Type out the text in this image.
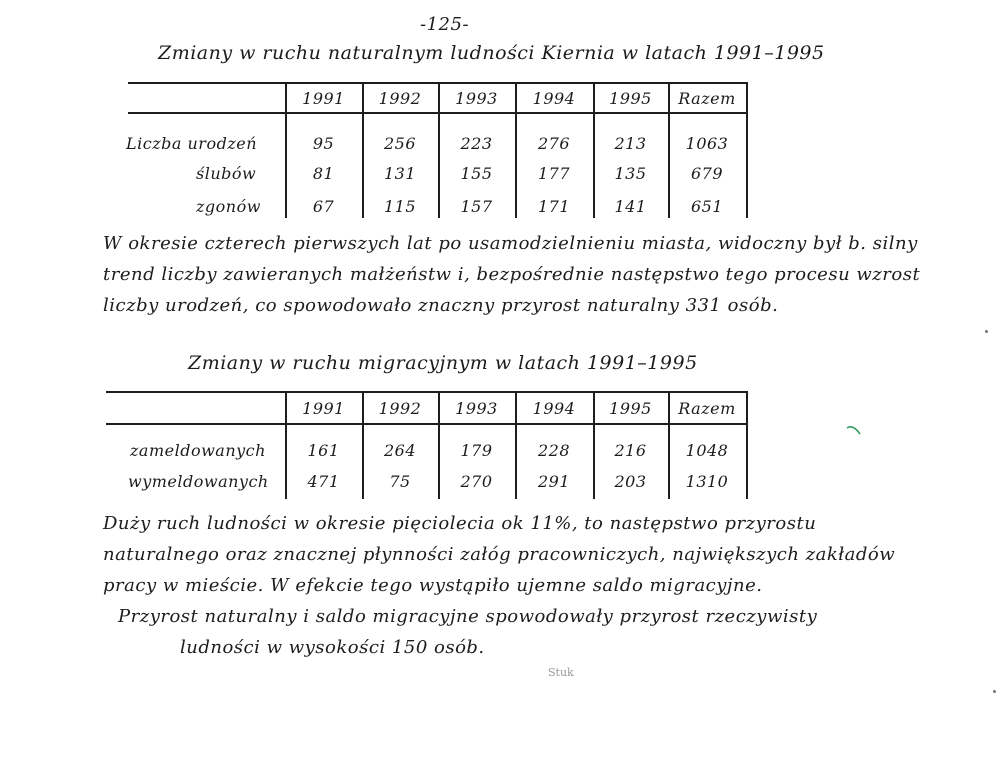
-125-
Zmiany w ruchu naturalnym ludności Kiernia w latach 1991–1995
1991	1992	1993	1994	1995	Razem
Liczba urodzeń	95	256	223	276	213	1063
ślubów	81	131	155	177	135	679
zgonów	67	115	157	171	141	651
W okresie czterech pierwszych lat po usamodzielnieniu miasta, widoczny był b. silny
trend liczby zawieranych małżeństw i, bezpośrednie następstwo tego procesu wzrost
liczby urodzeń, co spowodowało znaczny przyrost naturalny 331 osób.
Zmiany w ruchu migracyjnym w latach 1991–1995
1991	1992	1993	1994	1995	Razem
zameldowanych	161	264	179	228	216	1048
wymeldowanych	471	75	270	291	203	1310
Duży ruch ludności w okresie pięciolecia ok 11%, to następstwo przyrostu
naturalnego oraz znacznej płynności załóg pracowniczych, największych zakładów
pracy w mieście. W efekcie tego wystąpiło ujemne saldo migracyjne.
Przyrost naturalny i saldo migracyjne spowodowały przyrost rzeczywisty
ludności w wysokości 150 osób.
Stuk
